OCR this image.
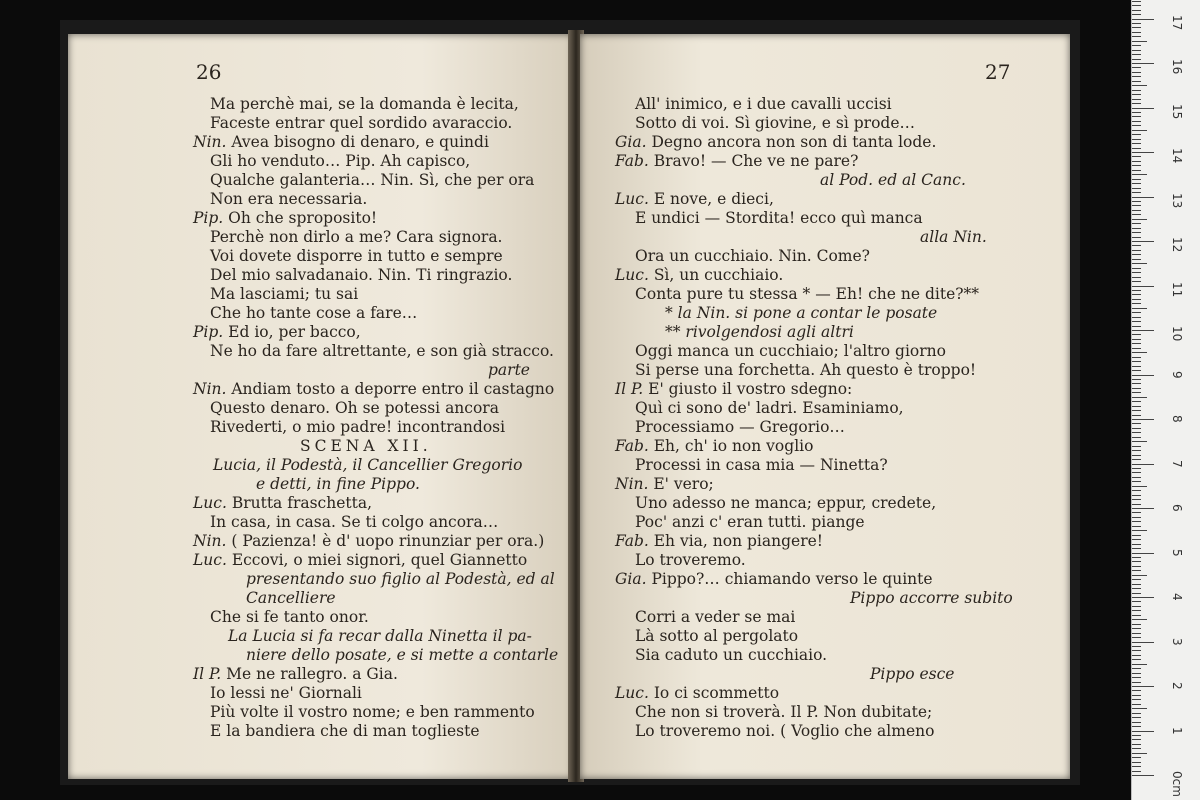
26
Ma perchè mai, se la domanda è lecita,
Faceste entrar quel sordido avaraccio.
Nin. Avea bisogno di denaro, e quindi
Gli ho venduto… Pip. Ah capisco,
Qualche galanteria… Nin. Sì, che per ora
Non era necessaria.
Pip. Oh che sproposito!
Perchè non dirlo a me? Cara signora.
Voi dovete disporre in tutto e sempre
Del mio salvadanaio. Nin. Ti ringrazio.
Ma lasciami; tu sai
Che ho tante cose a fare…
Pip. Ed io, per bacco,
Ne ho da fare altrettante, e son già stracco.
parte
Nin. Andiam tosto a deporre entro il castagno
Questo denaro. Oh se potessi ancora
Rivederti, o mio padre! incontrandosi
SCENA XII.
Lucia, il Podestà, il Cancellier Gregorio
e detti, in fine Pippo.
Luc. Brutta fraschetta,
In casa, in casa. Se ti colgo ancora…
Nin. ( Pazienza! è d' uopo rinunziar per ora.)
Luc. Eccovi, o miei signori, quel Giannetto
presentando suo figlio al Podestà, ed al
Cancelliere
Che si fe tanto onor.
La Lucia si fa recar dalla Ninetta il pa-
niere dello posate, e si mette a contarle
Il P. Me ne rallegro. a Gia.
Io lessi ne' Giornali
Più volte il vostro nome; e ben rammento
E la bandiera che di man toglieste
27
All' inimico, e i due cavalli uccisi
Sotto di voi. Sì giovine, e sì prode…
Gia. Degno ancora non son di tanta lode.
Fab. Bravo! — Che ve ne pare?
al Pod. ed al Canc.
Luc. E nove, e dieci,
E undici — Stordita! ecco quì manca
alla Nin.
Ora un cucchiaio. Nin. Come?
Luc. Sì, un cucchiaio.
Conta pure tu stessa * — Eh! che ne dite?**
* la Nin. si pone a contar le posate
** rivolgendosi agli altri
Oggi manca un cucchiaio; l'altro giorno
Si perse una forchetta. Ah questo è troppo!
Il P. E' giusto il vostro sdegno:
Quì ci sono de' ladri. Esaminiamo,
Processiamo — Gregorio…
Fab. Eh, ch' io non voglio
Processi in casa mia — Ninetta?
Nin. E' vero;
Uno adesso ne manca; eppur, credete,
Poc' anzi c' eran tutti. piange
Fab. Eh via, non piangere!
Lo troveremo.
Gia. Pippo?… chiamando verso le quinte
Pippo accorre subito
Corri a veder se mai
Là sotto al pergolato
Sia caduto un cucchiaio.
Pippo esce
Luc. Io ci scommetto
Che non si troverà. Il P. Non dubitate;
Lo troveremo noi. ( Voglio che almeno
0cm
1
2
3
4
5
6
7
8
9
10
11
12
13
14
15
16
17
